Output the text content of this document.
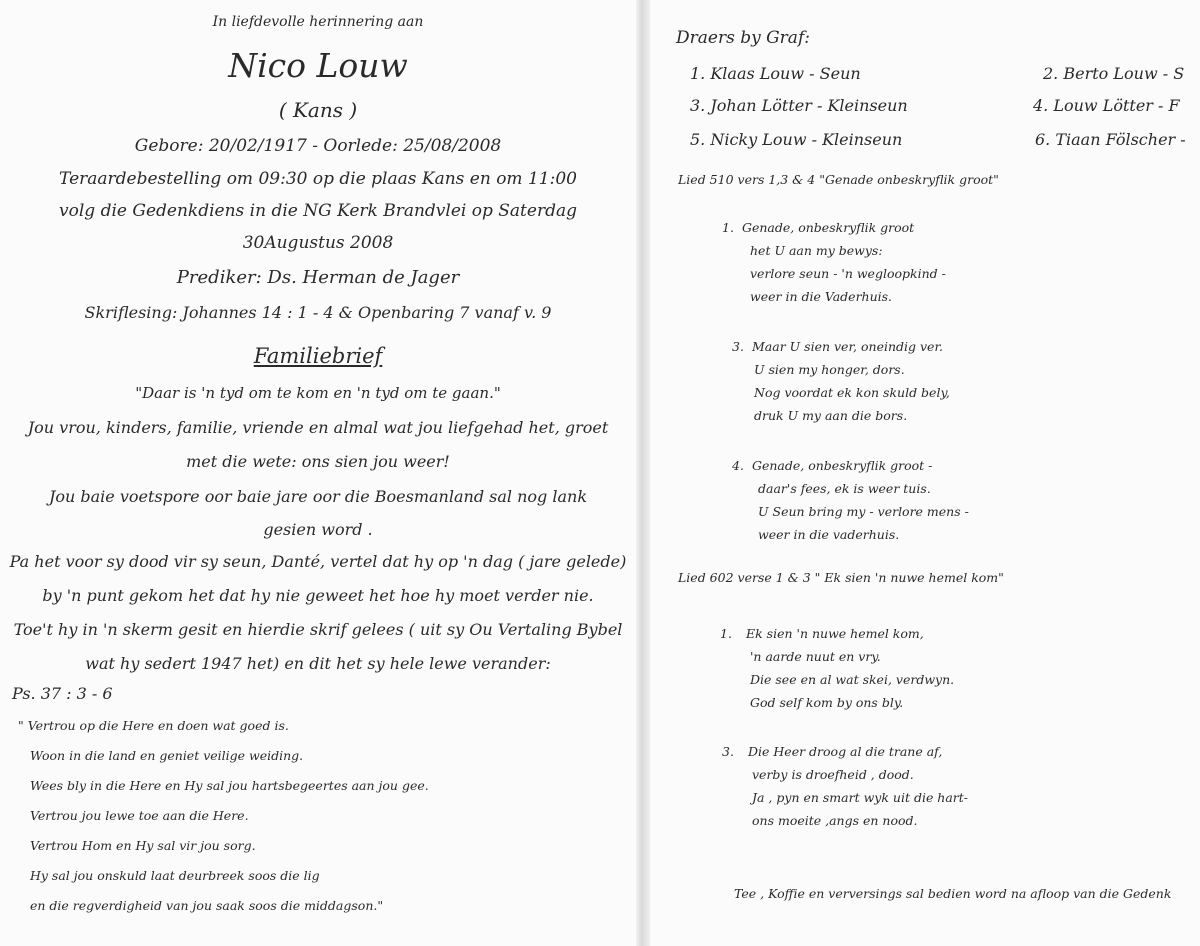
In liefdevolle herinnering aan
Nico Louw
( Kans )
Gebore: 20/02/1917 - Oorlede: 25/08/2008
Teraardebestelling om 09:30 op die plaas Kans en om 11:00
volg die Gedenkdiens in die NG Kerk Brandvlei op Saterdag
30Augustus 2008
Prediker: Ds. Herman de Jager
Skriflesing: Johannes 14 : 1 - 4 & Openbaring 7 vanaf v. 9
Familiebrief
"Daar is 'n tyd om te kom en 'n tyd om te gaan."
Jou vrou, kinders, familie, vriende en almal wat jou liefgehad het, groet
met die wete: ons sien jou weer!
Jou baie voetspore oor baie jare oor die Boesmanland sal nog lank
gesien word .
Pa het voor sy dood vir sy seun, Danté, vertel dat hy op 'n dag ( jare gelede)
by 'n punt gekom het dat hy nie geweet het hoe hy moet verder nie.
Toe't hy in 'n skerm gesit en hierdie skrif gelees ( uit sy Ou Vertaling Bybel
wat hy sedert 1947 het) en dit het sy hele lewe verander:
Ps. 37 : 3 - 6
" Vertrou op die Here en doen wat goed is.
Woon in die land en geniet veilige weiding.
Wees bly in die Here en Hy sal jou hartsbegeertes aan jou gee.
Vertrou jou lewe toe aan die Here.
Vertrou Hom en Hy sal vir jou sorg.
Hy sal jou onskuld laat deurbreek soos die lig
en die regverdigheid van jou saak soos die middagson."
Draers by Graf:
1. Klaas Louw - Seun	2. Berto Louw - S
3. Johan Lötter - Kleinseun	4. Louw Lötter - F
5. Nicky Louw - Kleinseun	6. Tiaan Fölscher -
Lied 510 vers 1,3 & 4 "Genade onbeskryflik groot"
1. Genade, onbeskryflik groot
het U aan my bewys:
verlore seun - 'n wegloopkind -
weer in die Vaderhuis.
3. Maar U sien ver, oneindig ver.
U sien my honger, dors.
Nog voordat ek kon skuld bely,
druk U my aan die bors.
4. Genade, onbeskryflik groot -
daar's fees, ek is weer tuis.
U Seun bring my - verlore mens -
weer in die vaderhuis.
Lied 602 verse 1 & 3 " Ek sien 'n nuwe hemel kom"
1. Ek sien 'n nuwe hemel kom,
'n aarde nuut en vry.
Die see en al wat skei, verdwyn.
God self kom by ons bly.
3. Die Heer droog al die trane af,
verby is droefheid , dood.
Ja , pyn en smart wyk uit die hart-
ons moeite ,angs en nood.
Tee , Koffie en verversings sal bedien word na afloop van die Gedenk
